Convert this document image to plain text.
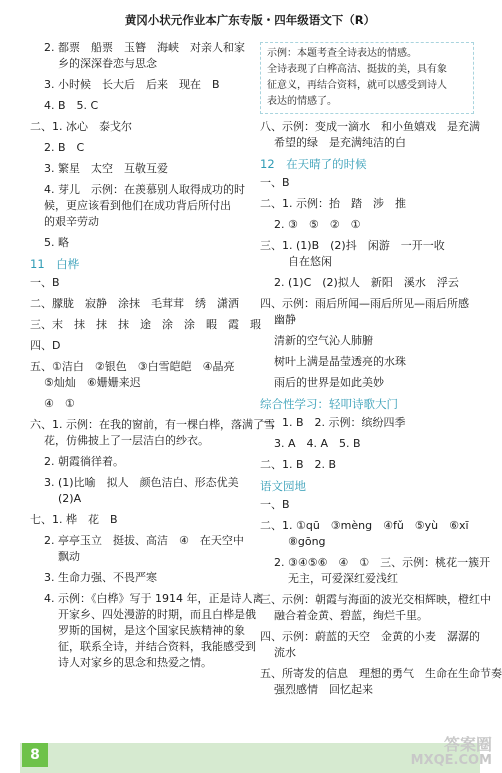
黄冈小状元作业本广东专版・四年级语文下（R）
2. 都票　船票　玉簪　海峡　对亲人和家
乡的深深眷恋与思念
3. 小时候　长大后　后来　现在　B
4. B　5. C
二、1. 冰心　泰戈尔
2. B　C
3. 繁星　太空　互敬互爱
4. 芽儿　示例：在羡慕别人取得成功的时
候，更应该看到他们在成功背后所付出
的艰辛劳动
5. 略
11　白桦
一、B
二、朦胧　寂静　涂抹　毛茸茸　绣　潇洒
三、末　抹　抹　抹　途　涂　涂　暇　霞　瑕
四、D
五、①洁白　②银色　③白雪皑皑　④晶亮
⑤灿灿　⑥姗姗来迟
④　①
六、1. 示例：在我的窗前，有一棵白桦，落满了雪
花，仿佛披上了一层洁白的纱衣。
2. 朝霞徜徉着。
3. (1)比喻　拟人　颜色洁白、形态优美
(2)A
七、1. 桦　花　B
2. 亭亭玉立　挺拔、高洁　④　在天空中
飘动
3. 生命力强、不畏严寒
4. 示例：《白桦》写于 1914 年，正是诗人离
开家乡、四处漫游的时期，而且白桦是俄
罗斯的国树，是这个国家民族精神的象
征，联系全诗，并结合资料，我能感受到
诗人对家乡的思念和热爱之情。
示例：本题考查全诗表达的情感。
全诗表现了白桦高洁、挺拔的美，具有象
征意义，再结合资料，就可以感受到诗人
表达的情感了。
八、示例：变成一滴水　和小鱼嬉戏　是充满
希望的绿　是充满纯洁的白
12　在天晴了的时候
一、B
二、1. 示例：抬　踏　涉　推
2. ③　⑤　②　①
三、1. (1)B　(2)抖　闲游　一开一收
自在悠闲
2. (1)C　(2)拟人　新阳　溪水　浮云
四、示例：雨后所闻—雨后所见—雨后所感
幽静
清新的空气沁人肺腑
树叶上满是晶莹透亮的水珠
雨后的世界是如此美妙
综合性学习：轻叩诗歌大门
一、1. B　2. 示例：缤纷四季
3. A　4. A　5. B
二、1. B　2. B
语文园地
一、B
二、1. ①qū　③mèng　④fǔ　⑤yù　⑥xī
⑧gōng
2. ③④⑤⑥　④　①　三、示例：桃花一簇开
无主，可爱深红爱浅红
三、示例：朝霞与海面的波光交相辉映，橙红中
融合着金黄、碧蓝，绚烂千里。
四、示例：蔚蓝的天空　金黄的小麦　潺潺的
流水
五、所寄发的信息　理想的勇气　生命在生命节奏
强烈感情　回忆起来
8
答案圈
MXQE.COM
